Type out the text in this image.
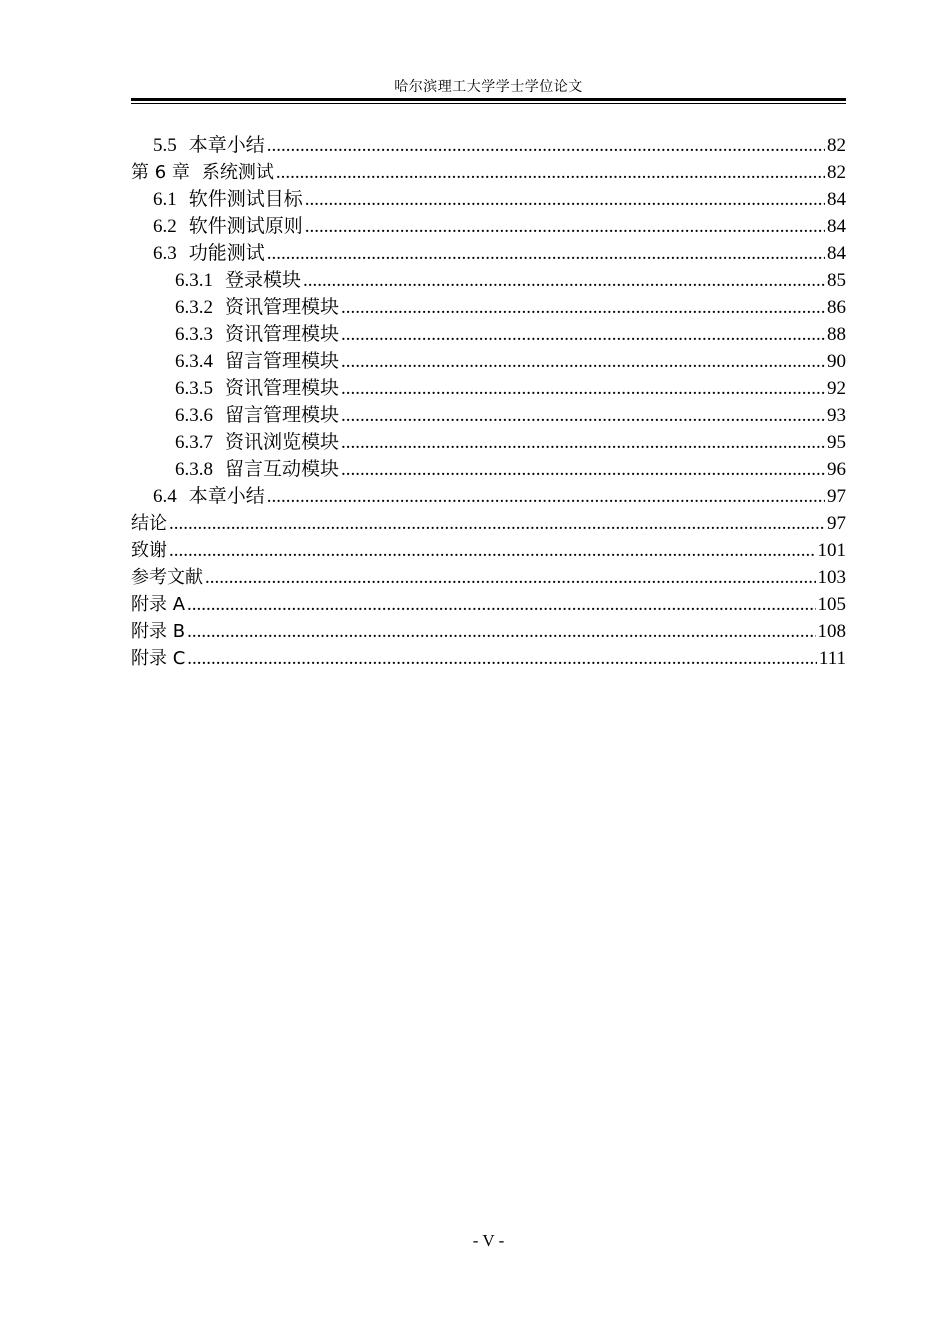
哈尔滨理工大学学士学位论文
5.5 本章小结 .....	82
第 6 章 系统测试 .....	82
6.1 软件测试目标 .....	84
6.2 软件测试原则 .....	84
6.3 功能测试 .....	84
6.3.1 登录模块 .....	85
6.3.2 资讯管理模块 .....	86
6.3.3 资讯管理模块 .....	88
6.3.4 留言管理模块 .....	90
6.3.5 资讯管理模块 .....	92
6.3.6 留言管理模块 .....	93
6.3.7 资讯浏览模块 .....	95
6.3.8 留言互动模块 .....	96
6.4 本章小结 .....	97
结论 .....	97
致谢 .....	101
参考文献 .....	103
附录 A .....	105
附录 B .....	108
附录 C .....	111
- V -
